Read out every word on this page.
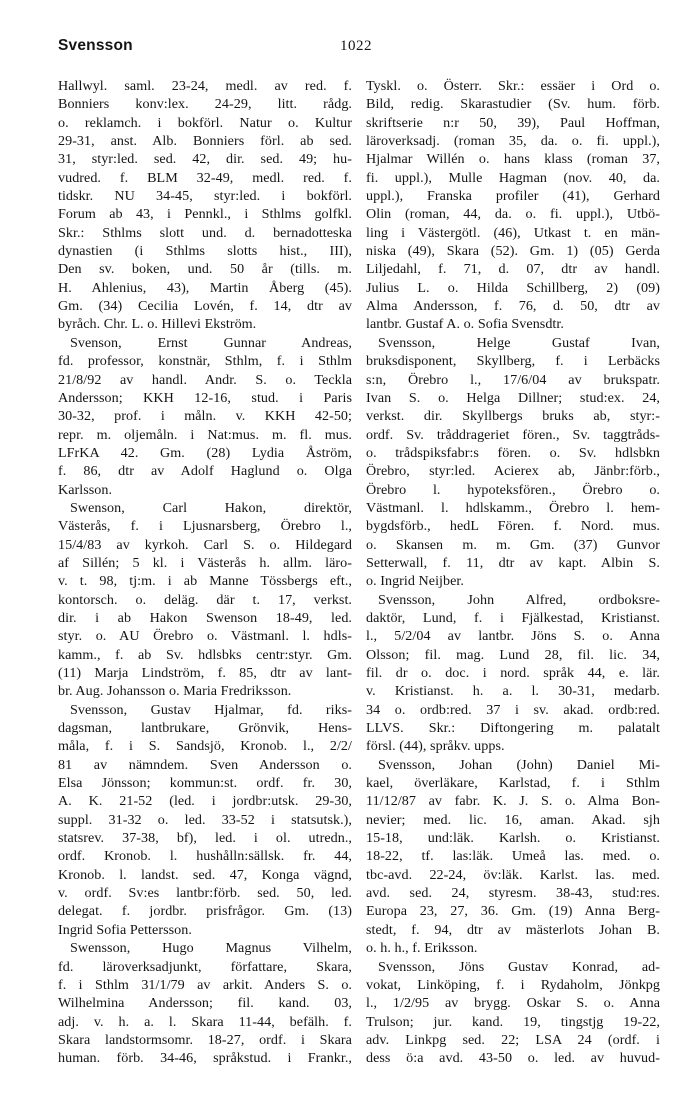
Svensson	1022
Hallwyl. saml. 23-24, medl. av red. f.
Bonniers konv:lex. 24-29, litt. rådg.
o. reklamch. i bokförl. Natur o. Kultur
29-31, anst. Alb. Bonniers förl. ab sed.
31, styr:led. sed. 42, dir. sed. 49; hu-
vudred. f. BLM 32-49, medl. red. f.
tidskr. NU 34-45, styr:led. i bokförl.
Forum ab 43, i Pennkl., i Sthlms golfkl.
Skr.: Sthlms slott und. d. bernadotteska
dynastien (i Sthlms slotts hist., III),
Den sv. boken, und. 50 år (tills. m.
H. Ahlenius, 43), Martin Åberg (45).
Gm. (34) Cecilia Lovén, f. 14, dtr av
byråch. Chr. L. o. Hillevi Ekström.
Svenson, Ernst Gunnar Andreas,
fd. professor, konstnär, Sthlm, f. i Sthlm
21/8/92 av handl. Andr. S. o. Teckla
Andersson; KKH 12-16, stud. i Paris
30-32, prof. i måln. v. KKH 42-50;
repr. m. oljemåln. i Nat:mus. m. fl. mus.
LFrKA 42. Gm. (28) Lydia Åström,
f. 86, dtr av Adolf Haglund o. Olga
Karlsson.
Swenson, Carl Hakon, direktör,
Västerås, f. i Ljusnarsberg, Örebro l.,
15/4/83 av kyrkoh. Carl S. o. Hildegard
af Sillén; 5 kl. i Västerås h. allm. läro-
v. t. 98, tj:m. i ab Manne Tössbergs eft.,
kontorsch. o. deläg. där t. 17, verkst.
dir. i ab Hakon Swenson 18-49, led.
styr. o. AU Örebro o. Västmanl. l. hdls-
kamm., f. ab Sv. hdlsbks centr:styr. Gm.
(11) Marja Lindström, f. 85, dtr av lant-
br. Aug. Johansson o. Maria Fredriksson.
Svensson, Gustav Hjalmar, fd. riks-
dagsman, lantbrukare, Grönvik, Hens-
måla, f. i S. Sandsjö, Kronob. l., 2/2/
81 av nämndem. Sven Andersson o.
Elsa Jönsson; kommun:st. ordf. fr. 30,
A. K. 21-52 (led. i jordbr:utsk. 29-30,
suppl. 31-32 o. led. 33-52 i statsutsk.),
statsrev. 37-38, bf), led. i ol. utredn.,
ordf. Kronob. l. hushålln:sällsk. fr. 44,
Kronob. l. landst. sed. 47, Konga vägnd,
v. ordf. Sv:es lantbr:förb. sed. 50, led.
delegat. f. jordbr. prisfrågor. Gm. (13)
Ingrid Sofia Pettersson.
Swensson, Hugo Magnus Vilhelm,
fd. läroverksadjunkt, författare, Skara,
f. i Sthlm 31/1/79 av arkit. Anders S. o.
Wilhelmina Andersson; fil. kand. 03,
adj. v. h. a. l. Skara 11-44, befälh. f.
Skara landstormsomr. 18-27, ordf. i Skara
human. förb. 34-46, språkstud. i Frankr.,
Tyskl. o. Österr. Skr.: essäer i Ord o.
Bild, redig. Skarastudier (Sv. hum. förb.
skriftserie n:r 50, 39), Paul Hoffman,
läroverksadj. (roman 35, da. o. fi. uppl.),
Hjalmar Willén o. hans klass (roman 37,
fi. uppl.), Mulle Hagman (nov. 40, da.
uppl.), Franska profiler (41), Gerhard
Olin (roman, 44, da. o. fi. uppl.), Utbö-
ling i Västergötl. (46), Utkast t. en män-
niska (49), Skara (52). Gm. 1) (05) Gerda
Liljedahl, f. 71, d. 07, dtr av handl.
Julius L. o. Hilda Schillberg, 2) (09)
Alma Andersson, f. 76, d. 50, dtr av
lantbr. Gustaf A. o. Sofia Svensdtr.
Svensson, Helge Gustaf Ivan,
bruksdisponent, Skyllberg, f. i Lerbäcks
s:n, Örebro l., 17/6/04 av brukspatr.
Ivan S. o. Helga Dillner; stud:ex. 24,
verkst. dir. Skyllbergs bruks ab, styr:-
ordf. Sv. tråddrageriet fören., Sv. taggtråds-
o. trådspiksfabr:s fören. o. Sv. hdlsbkn
Örebro, styr:led. Acierex ab, Jänbr:förb.,
Örebro l. hypoteksfören., Örebro o.
Västmanl. l. hdlskamm., Örebro l. hem-
bygdsförb., hedL Fören. f. Nord. mus.
o. Skansen m. m. Gm. (37) Gunvor
Setterwall, f. 11, dtr av kapt. Albin S.
o. Ingrid Neijber.
Svensson, John Alfred, ordboksre-
daktör, Lund, f. i Fjälkestad, Kristianst.
l., 5/2/04 av lantbr. Jöns S. o. Anna
Olsson; fil. mag. Lund 28, fil. lic. 34,
fil. dr o. doc. i nord. språk 44, e. lär.
v. Kristianst. h. a. l. 30-31, medarb.
34 o. ordb:red. 37 i sv. akad. ordb:red.
LLVS. Skr.: Diftongering m. palatalt
försl. (44), språkv. upps.
Svensson, Johan (John) Daniel Mi-
kael, överläkare, Karlstad, f. i Sthlm
11/12/87 av fabr. K. J. S. o. Alma Bon-
nevier; med. lic. 16, aman. Akad. sjh
15-18, und:läk. Karlsh. o. Kristianst.
18-22, tf. las:läk. Umeå las. med. o.
tbc-avd. 22-24, öv:läk. Karlst. las. med.
avd. sed. 24, styresm. 38-43, stud:res.
Europa 23, 27, 36. Gm. (19) Anna Berg-
stedt, f. 94, dtr av mästerlots Johan B.
o. h. h., f. Eriksson.
Svensson, Jöns Gustav Konrad, ad-
vokat, Linköping, f. i Rydaholm, Jönkpg
l., 1/2/95 av brygg. Oskar S. o. Anna
Trulson; jur. kand. 19, tingstjg 19-22,
adv. Linkpg sed. 22; LSA 24 (ordf. i
dess ö:a avd. 43-50 o. led. av huvud-
